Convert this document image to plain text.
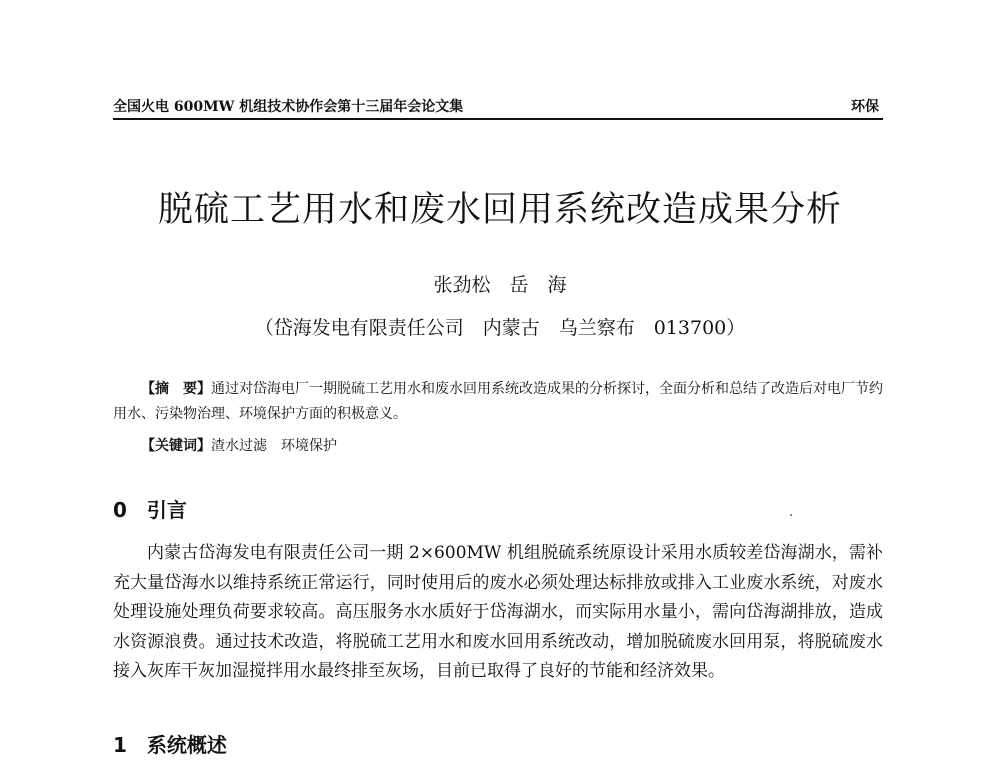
全国火电 600MW 机组技术协作会第十三届年会论文集	环保
脱硫工艺用水和废水回用系统改造成果分析
张劲松　岳　海
（岱海发电有限责任公司　内蒙古　乌兰察布　013700）
【摘　要】通过对岱海电厂一期脱硫工艺用水和废水回用系统改造成果的分析探讨，全面分析和总结了改造后对电厂节约用水、污染物治理、环境保护方面的积极意义。
【关键词】渣水过滤　环境保护
0　 引言
内蒙古岱海发电有限责任公司一期 2×600MW 机组脱硫系统原设计采用水质较差岱海湖水，需补充大量岱海水以维持系统正常运行，同时使用后的废水必须处理达标排放或排入工业废水系统，对废水处理设施处理负荷要求较高。高压服务水水质好于岱海湖水，而实际用水量小，需向岱海湖排放，造成水资源浪费。通过技术改造，将脱硫工艺用水和废水回用系统改动，增加脱硫废水回用泵，将脱硫废水接入灰库干灰加湿搅拌用水最终排至灰场，目前已取得了良好的节能和经济效果。
1　 系统概述
